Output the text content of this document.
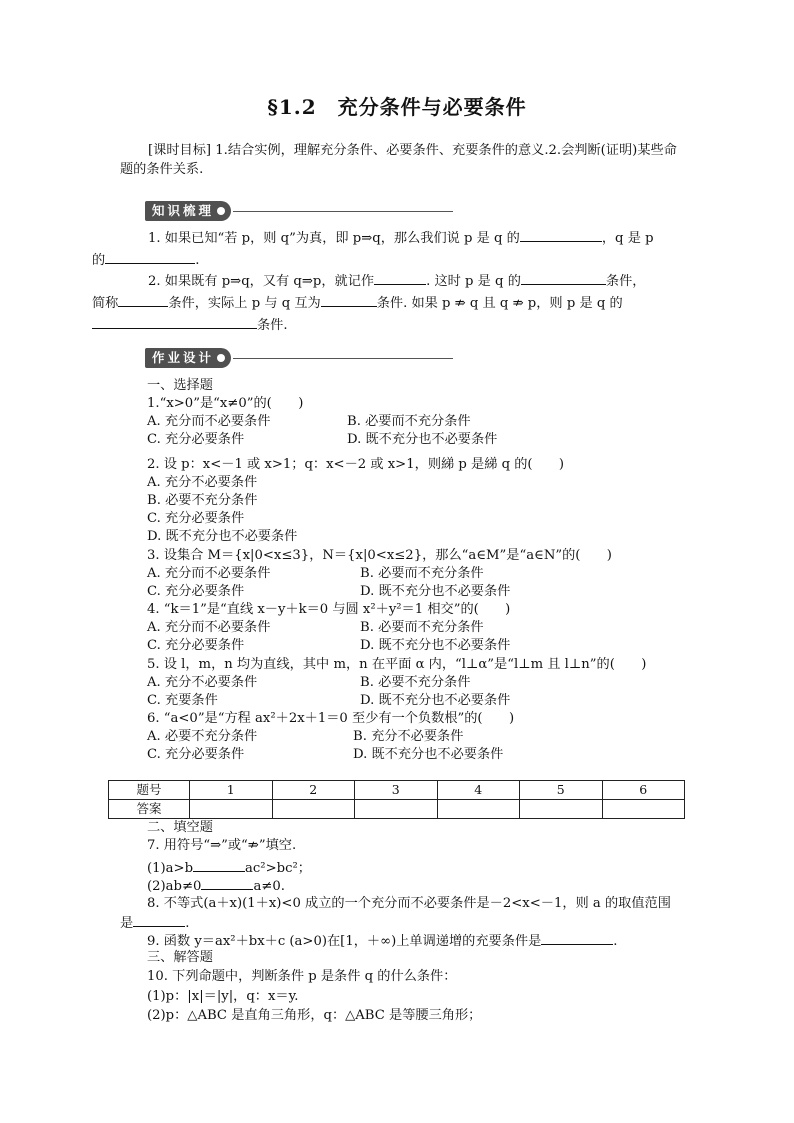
§1.2　充分条件与必要条件
[课时目标] 1.结合实例，理解充分条件、必要条件、充要条件的意义.2.会判断(证明)某些命题的条件关系.
知识梳理
1. 如果已知“若 p，则 q”为真，即 p⇒q，那么我们说 p 是 q 的	，q 是 p
的	.
2. 如果既有 p⇒q，又有 q⇒p，就记作	. 这时 p 是 q 的	条件，
简称	条件，实际上 p 与 q 互为	条件. 如果 p ⇏ q 且 q ⇏ p，则 p 是 q 的
条件.
作业设计
一、选择题
1.“x>0”是“x≠0”的(　　)
A. 充分而不必要条件	B. 必要而不充分条件
C. 充分必要条件	D. 既不充分也不必要条件
2. 设 p：x<－1 或 x>1；q：x<－2 或 x>1，则綈 p 是綈 q 的(　　)
A. 充分不必要条件
B. 必要不充分条件
C. 充分必要条件
D. 既不充分也不必要条件
3. 设集合 M＝{x|0<x≤3}，N＝{x|0<x≤2}，那么“a∈M”是“a∈N”的(　　)
A. 充分而不必要条件	B. 必要而不充分条件
C. 充分必要条件	D. 既不充分也不必要条件
4. “k＝1”是“直线 x－y＋k＝0 与圆 x²＋y²＝1 相交”的(　　)
A. 充分而不必要条件	B. 必要而不充分条件
C. 充分必要条件	D. 既不充分也不必要条件
5. 设 l，m，n 均为直线，其中 m，n 在平面 α 内，“l⊥α”是“l⊥m 且 l⊥n”的(　　)
A. 充分不必要条件	B. 必要不充分条件
C. 充要条件	D. 既不充分也不必要条件
6. “a<0”是“方程 ax²＋2x＋1＝0 至少有一个负数根”的(　　)
A. 必要不充分条件	B. 充分不必要条件
C. 充分必要条件	D. 既不充分也不必要条件
题号	1	2	3	4	5	6
答案						
二、填空题
7. 用符号“⇒”或“⇏”填空.
(1)a>b	ac²>bc²；
(2)ab≠0	a≠0.
8. 不等式(a＋x)(1＋x)<0 成立的一个充分而不必要条件是－2<x<－1，则 a 的取值范围
是	.
9. 函数 y＝ax²＋bx＋c (a>0)在[1，＋∞)上单调递增的充要条件是	.
三、解答题
10. 下列命题中，判断条件 p 是条件 q 的什么条件：
(1)p：|x|＝|y|，q：x＝y.
(2)p：△ABC 是直角三角形，q：△ABC 是等腰三角形；
